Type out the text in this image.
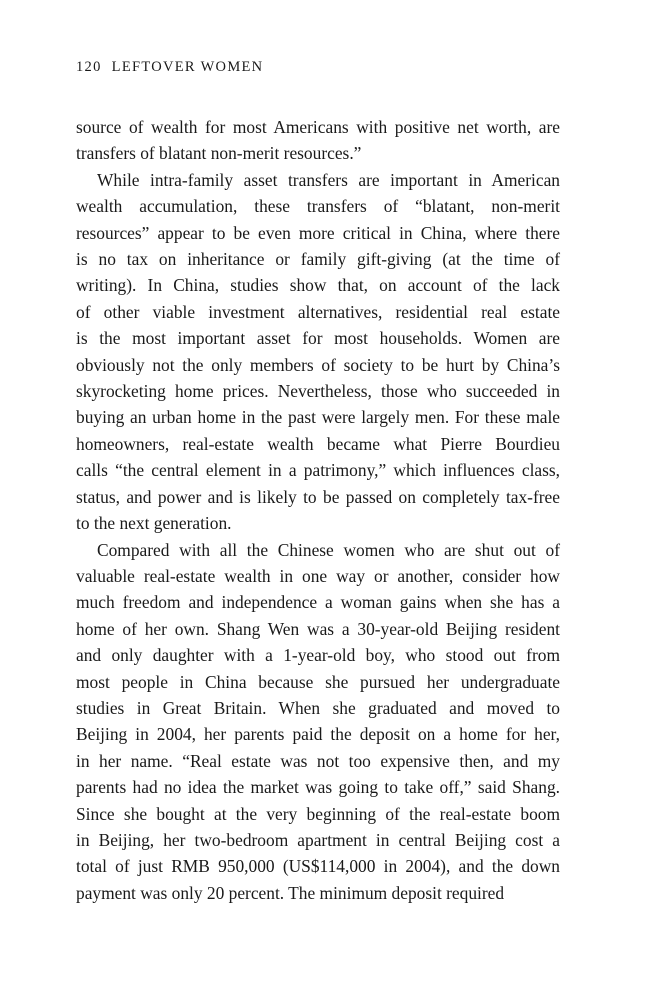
120 LEFTOVER WOMEN
source of wealth for most Americans with positive net worth, are
transfers of blatant non-merit resources.”
While intra-family asset transfers are important in American
wealth accumulation, these transfers of “blatant, non-merit
resources” appear to be even more critical in China, where there
is no tax on inheritance or family gift-giving (at the time of
writing). In China, studies show that, on account of the lack
of other viable investment alternatives, residential real estate
is the most important asset for most households. Women are
obviously not the only members of society to be hurt by China’s
skyrocketing home prices. Nevertheless, those who succeeded in
buying an urban home in the past were largely men. For these male
homeowners, real-estate wealth became what Pierre Bourdieu
calls “the central element in a patrimony,” which influences class,
status, and power and is likely to be passed on completely tax-free
to the next generation.
Compared with all the Chinese women who are shut out of
valuable real-estate wealth in one way or another, consider how
much freedom and independence a woman gains when she has a
home of her own. Shang Wen was a 30-year-old Beijing resident
and only daughter with a 1-year-old boy, who stood out from
most people in China because she pursued her undergraduate
studies in Great Britain. When she graduated and moved to
Beijing in 2004, her parents paid the deposit on a home for her,
in her name. “Real estate was not too expensive then, and my
parents had no idea the market was going to take off,” said Shang.
Since she bought at the very beginning of the real-estate boom
in Beijing, her two-bedroom apartment in central Beijing cost a
total of just RMB 950,000 (US$114,000 in 2004), and the down
payment was only 20 percent. The minimum deposit required
